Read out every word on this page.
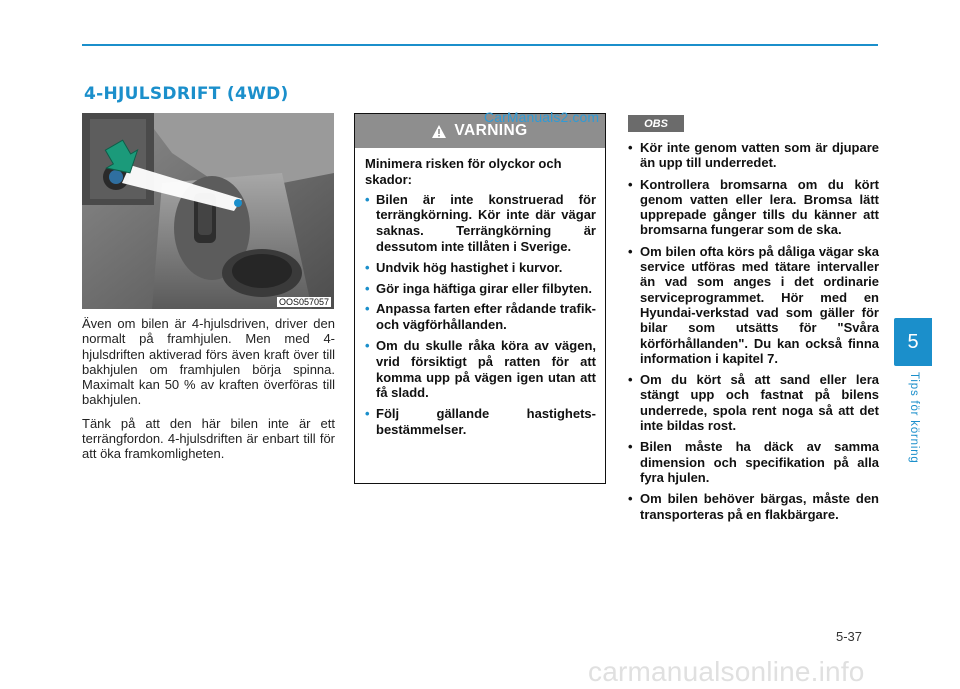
4-HJULSDRIFT (4WD)
OOS057057

Även om bilen är 4-hjulsdriven, driver den normalt på framhjulen. Men med 4-hjulsdriften aktiverad förs även kraft över till bakhjulen om framhjulen börja spinna. Maximalt kan 50 % av kraften överföras till bakhjulen.

Tänk på att den här bilen inte är ett terrängfordon. 4-hjulsdriften är enbart till för att öka framkomligheten.

VARNING

Minimera risken för olyckor och skador:

• Bilen är inte konstruerad för terrängkörning. Kör inte där vägar saknas. Terrängkörning är dessutom inte tillåten i Sverige.
• Undvik hög hastighet i kurvor.
• Gör inga häftiga girar eller filbyten.
• Anpassa farten efter rådande trafik- och vägförhållanden.
• Om du skulle råka köra av vägen, vrid försiktigt på ratten för att komma upp på vägen igen utan att få sladd.
• Följ gällande hastighets-bestämmelser.
CarManuals2.com	OBS
• Kör inte genom vatten som är djupare än upp till underredet.
• Kontrollera bromsarna om du kört genom vatten eller lera. Bromsa lätt upprepade gånger tills du känner att bromsarna fungerar som de ska.
• Om bilen ofta körs på dåliga vägar ska service utföras med tätare intervaller än vad som anges i det ordinarie serviceprogrammet. Hör med en Hyundai-verkstad vad som gäller för bilar som utsätts för "Svåra körförhållanden". Du kan också finna information i kapitel 7.
• Om du kört så att sand eller lera stängt upp och fastnat på bilens underrede, spola rent noga så att det inte bildas rost.
• Bilen måste ha däck av samma dimension och specifikation på alla fyra hjulen.
• Om bilen behöver bärgas, måste den transporteras på en flakbärgare.
5
Tips för körning
5-37
carmanualsonline.info
